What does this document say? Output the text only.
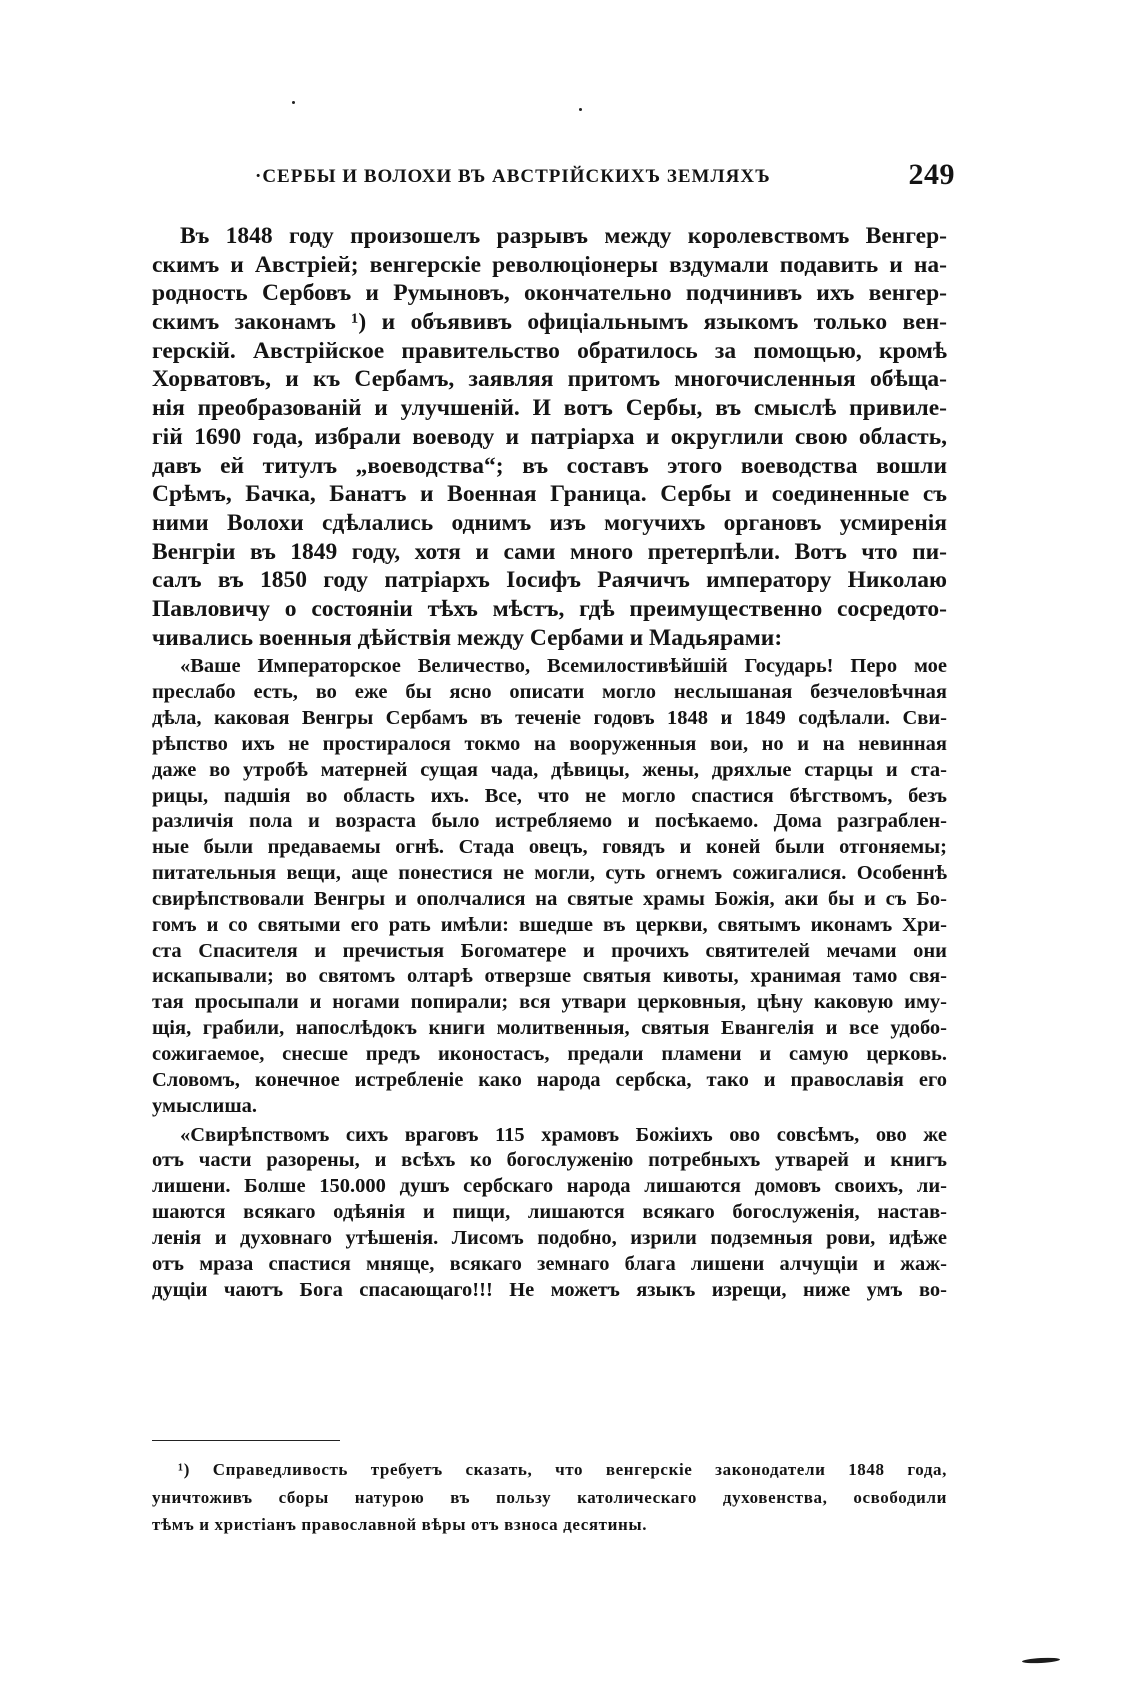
·СЕРБЫ И ВОЛОХИ ВЪ АВСТРІЙСКИХЪ ЗЕМЛЯХЪ	249
Въ 1848 году произошелъ разрывъ между королевствомъ Венгер-
скимъ и Австріей; венгерскіе революціонеры вздумали подавить и на-
родность Сербовъ и Румыновъ, окончательно подчинивъ ихъ венгер-
скимъ законамъ ¹) и объявивъ офиціальнымъ языкомъ только вен-
герскій. Австрійское правительство обратилось за помощью, кромѣ
Хорватовъ, и къ Сербамъ, заявляя притомъ многочисленныя обѣща-
нія преобразованій и улучшеній. И вотъ Сербы, въ смыслѣ привиле-
гій 1690 года, избрали воеводу и патріарха и округлили свою область,
давъ ей титулъ „воеводства“; въ составъ этого воеводства вошли
Срѣмъ, Бачка, Банатъ и Военная Граница. Сербы и соединенные съ
ними Волохи сдѣлались однимъ изъ могучихъ органовъ усмиренія
Венгріи въ 1849 году, хотя и сами много претерпѣли. Вотъ что пи-
салъ въ 1850 году патріархъ Іосифъ Раячичъ императору Николаю
Павловичу о состояніи тѣхъ мѣстъ, гдѣ преимущественно сосредото-
чивались военныя дѣйствія между Сербами и Мадьярами:
«Ваше Императорское Величество, Всемилостивѣйшій Государь! Перо мое
преслабо есть, во еже бы ясно описати могло неслышаная безчеловѣчная
дѣла, каковая Венгры Сербамъ въ теченіе годовъ 1848 и 1849 содѣлали. Сви-
рѣпство ихъ не простиралося токмо на вооруженныя вои, но и на невинная
даже во утробѣ матерней сущая чада, дѣвицы, жены, дряхлые старцы и ста-
рицы, падшія во область ихъ. Все, что не могло спастися бѣгствомъ, безъ
различія пола и возраста было истребляемо и посѣкаемо. Дома разграблен-
ные были предаваемы огнѣ. Стада овецъ, говядъ и коней были отгоняемы;
питательныя вещи, аще понестися не могли, суть огнемъ сожигалися. Особеннѣ
свирѣпствовали Венгры и ополчалися на святые храмы Божія, аки бы и съ Бо-
гомъ и со святыми его рать имѣли: вшедше въ церкви, святымъ иконамъ Хри-
ста Спасителя и пречистыя Богоматере и прочихъ святителей мечами они
искапывали; во святомъ олтарѣ отверзше святыя кивоты, хранимая тамо свя-
тая просыпали и ногами попирали; вся утвари церковныя, цѣну каковую иму-
щія, грабили, напослѣдокъ книги молитвенныя, святыя Евангелія и все удобо-
сожигаемое, снесше предъ иконостасъ, предали пламени и самую церковь.
Словомъ, конечное истребленіе како народа сербска, тако и православія его
умыслиша.
«Свирѣпствомъ сихъ враговъ 115 храмовъ Божіихъ ово совсѣмъ, ово же
отъ части разорены, и всѣхъ ко богослуженію потребныхъ утварей и книгъ
лишени. Болше 150.000 душъ сербскаго народа лишаются домовъ своихъ, ли-
шаются всякаго одѣянія и пищи, лишаются всякаго богослуженія, настав-
ленія и духовнаго утѣшенія. Лисомъ подобно, изрили подземныя рови, идѣже
отъ мраза спастися мняще, всякаго земнаго блага лишени алчущіи и жаж-
дущіи чаютъ Бога спасающаго!!! Не можетъ языкъ изрещи, ниже умъ во-
¹) Справедливость требуетъ сказать, что венгерскіе законодатели 1848 года,
уничтоживъ сборы натурою въ пользу католическаго духовенства, освободили
тѣмъ и христіанъ православной вѣры отъ взноса десятины.
